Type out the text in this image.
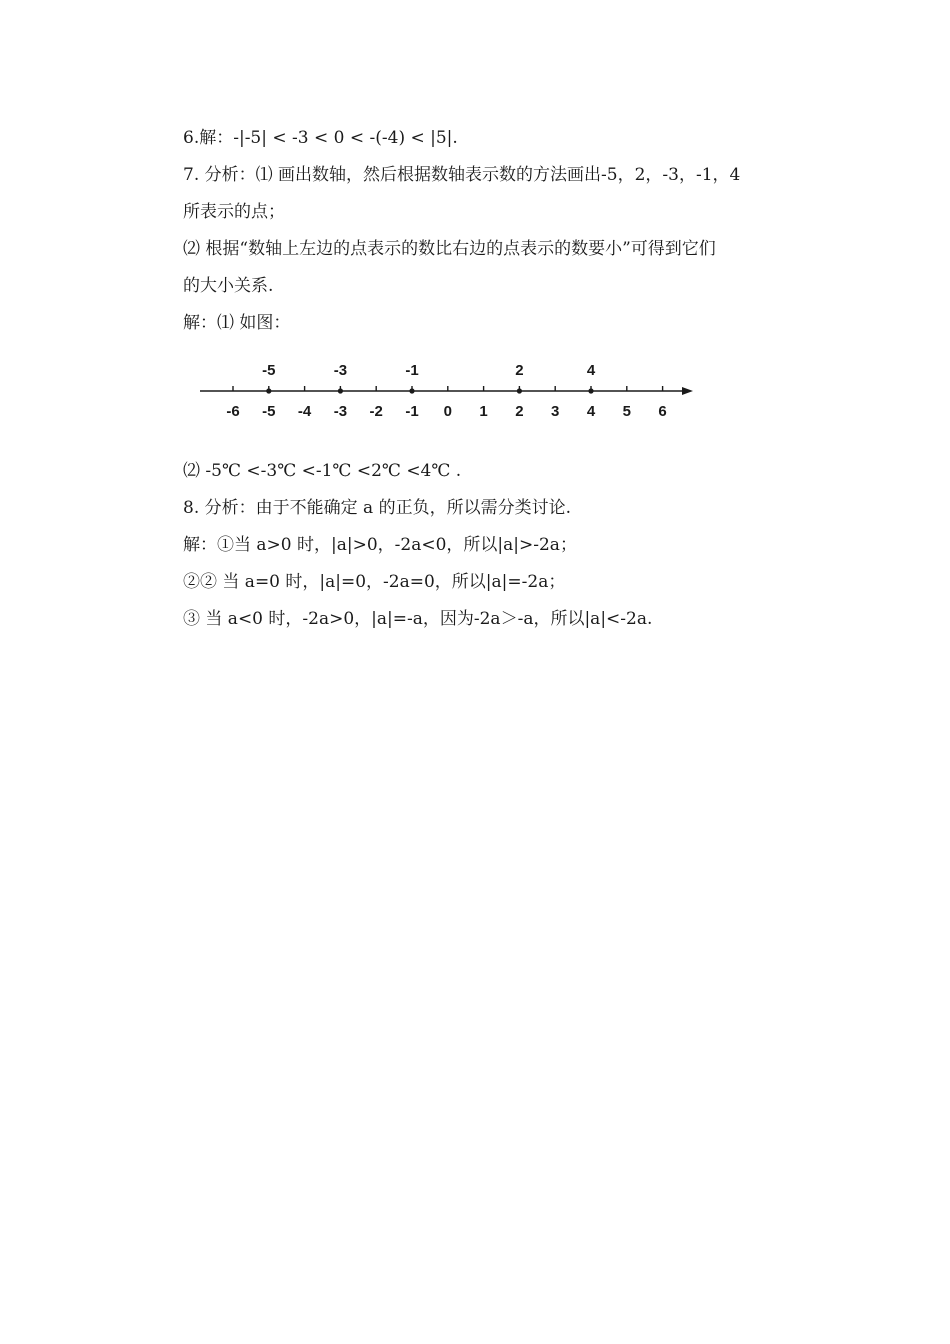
6.解：-|-5| < -3 < 0 < -(-4) < |5|.
7. 分析：⑴ 画出数轴，然后根据数轴表示数的方法画出-5，2，-3，-1，4
所表示的点；
⑵ 根据“数轴上左边的点表示的数比右边的点表示的数要小”可得到它们
的大小关系.
解：⑴ 如图：
-6 -5 -4 -3 -2 -1 0 1 2 3 4 5 6
-5	-3	-1	2	4
⑵ -5℃ <-3℃ <-1℃ <2℃ <4℃ .
8. 分析：由于不能确定 a 的正负，所以需分类讨论.
解：①当 a>0 时，|a|>0，-2a<0，所以|a|>-2a；
②② 当 a=0 时，|a|=0，-2a=0，所以|a|=-2a；
③ 当 a<0 时，-2a>0，|a|=-a，因为-2a＞-a，所以|a|<-2a.
